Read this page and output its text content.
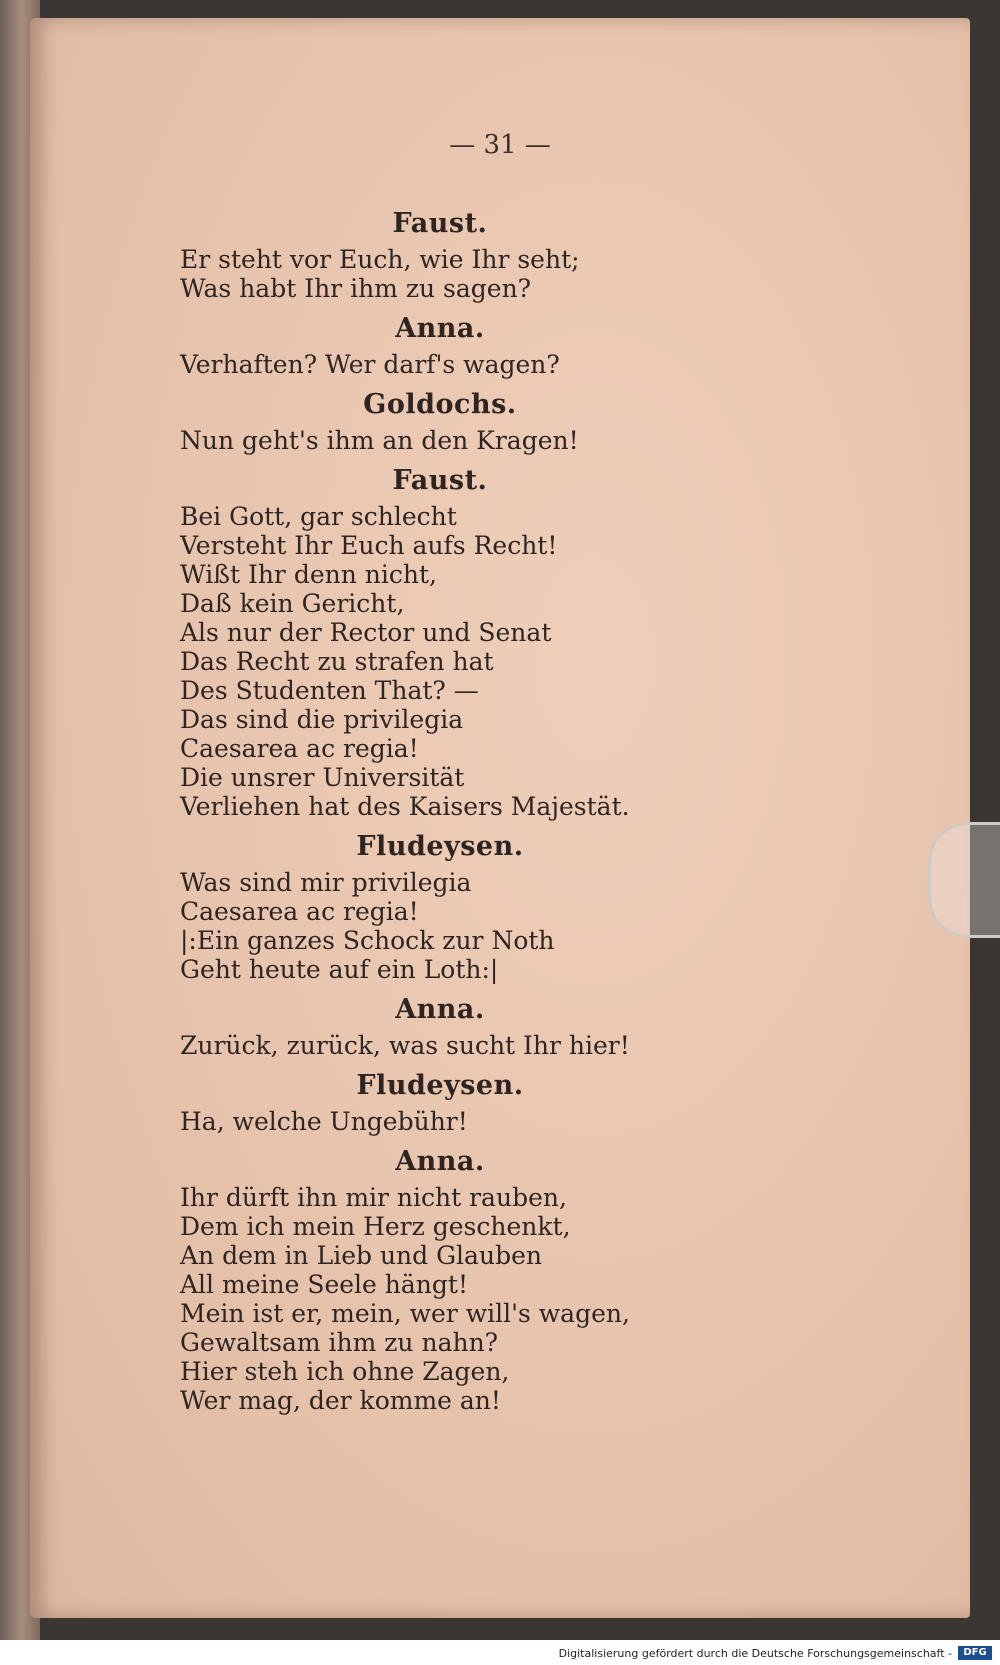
— 31 —
Faust.
Er steht vor Euch, wie Ihr seht;
Was habt Ihr ihm zu sagen?
Anna.
Verhaften? Wer darf's wagen?
Goldochs.
Nun geht's ihm an den Kragen!
Faust.
Bei Gott, gar schlecht
Versteht Ihr Euch aufs Recht!
Wißt Ihr denn nicht,
Daß kein Gericht,
Als nur der Rector und Senat
Das Recht zu strafen hat
Des Studenten That? —
Das sind die privilegia
Caesarea ac regia!
Die unsrer Universität
Verliehen hat des Kaisers Majestät.
Fludeysen.
Was sind mir privilegia
Caesarea ac regia!
|:Ein ganzes Schock zur Noth
Geht heute auf ein Loth:|
Anna.
Zurück, zurück, was sucht Ihr hier!
Fludeysen.
Ha, welche Ungebühr!
Anna.
Ihr dürft ihn mir nicht rauben,
Dem ich mein Herz geschenkt,
An dem in Lieb und Glauben
All meine Seele hängt!
Mein ist er, mein, wer will's wagen,
Gewaltsam ihm zu nahn?
Hier steh ich ohne Zagen,
Wer mag, der komme an!
Digitalisierung gefördert durch die Deutsche Forschungsgemeinschaft -	DFG
